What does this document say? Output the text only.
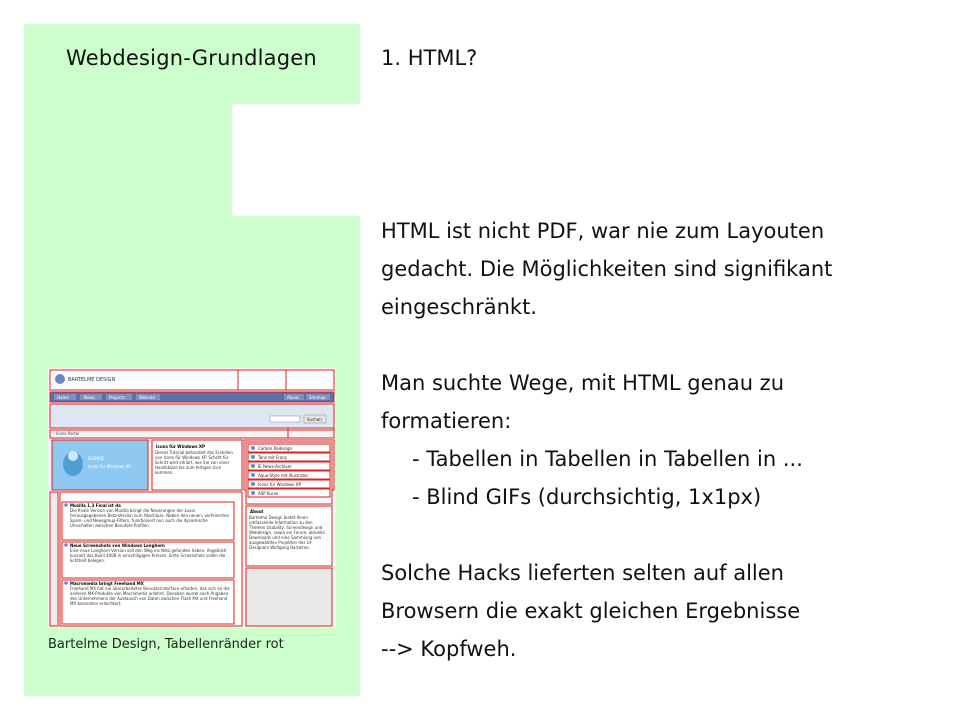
Webdesign-Grundlagen	1. HTML?
HTML ist nicht PDF, war nie zum Layouten
gedacht. Die Möglichkeiten sind signifikant
eingeschränkt.
Man suchte Wege, mit HTML genau zu
formatieren:
- Tabellen in Tabellen in Tabellen in ...
- Blind GIFs (durchsichtig, 1x1px)
Solche Hacks lieferten selten auf allen
Browsern die exakt gleichen Ergebnisse
--> Kopfweh.
BARTELME DESIGN
Home	News	Projects	Website	About	Sitemap
Suchen
Icons Portal
Icons
Icons for Windows XP
Icons für Windows XP
Dieses Tutorial behandelt das Erstellen von Icons für Windows XP. Schritt für Schritt wird erklärt, wie Sie von einer Handskizze bis zum fertigen Icon kommen.
Carbon Redesign
Tanz mit Franz
IE News-Archiver
Aqua-Style mit Illustrator
Icons für Windows XP
ASP Kurse
About
Bartelme Design bietet Ihnen umfassende Information zu den Themen Usability, Screendesign und Webdesign, sowie ein Forum, aktuelle Downloads und eine Sammlung von ausgewählten Projekten des UI-Designers Wolfgang Bartelme.
Mozilla 1.3 Final ist da
Die finale Version von Mozilla bringt die Neuerungen der zuvor herausgegebenen Beta-Version zum Abschluss. Neben den neuen, verfeinerten Spam- und Newsgroup-Filtern, funktioniert nun auch die dynamische Umschalten zwischen Benutzer-Profilen.
Neue Screenshots von Windows Longhorn
Eine neue Longhorn-Version soll den Weg ins Netz gefunden haben. Angeblich kursiert das Build 4008 in einschlägigen Kreisen. Erste Screenshots sollen die Echtheit belegen.
Macromedia bringt Freehand MX
Freehand MX hat ein überarbeitetes Benutzerinterface erhalten, das sich an die anderen MX-Produkte von Macromedia anlehnt. Daneben wurde nach Angaben des Unternehmens der Austausch von Daten zwischen Flash MX und Freehand MX besonders erleichtert.
Bartelme Design, Tabellenränder rot
